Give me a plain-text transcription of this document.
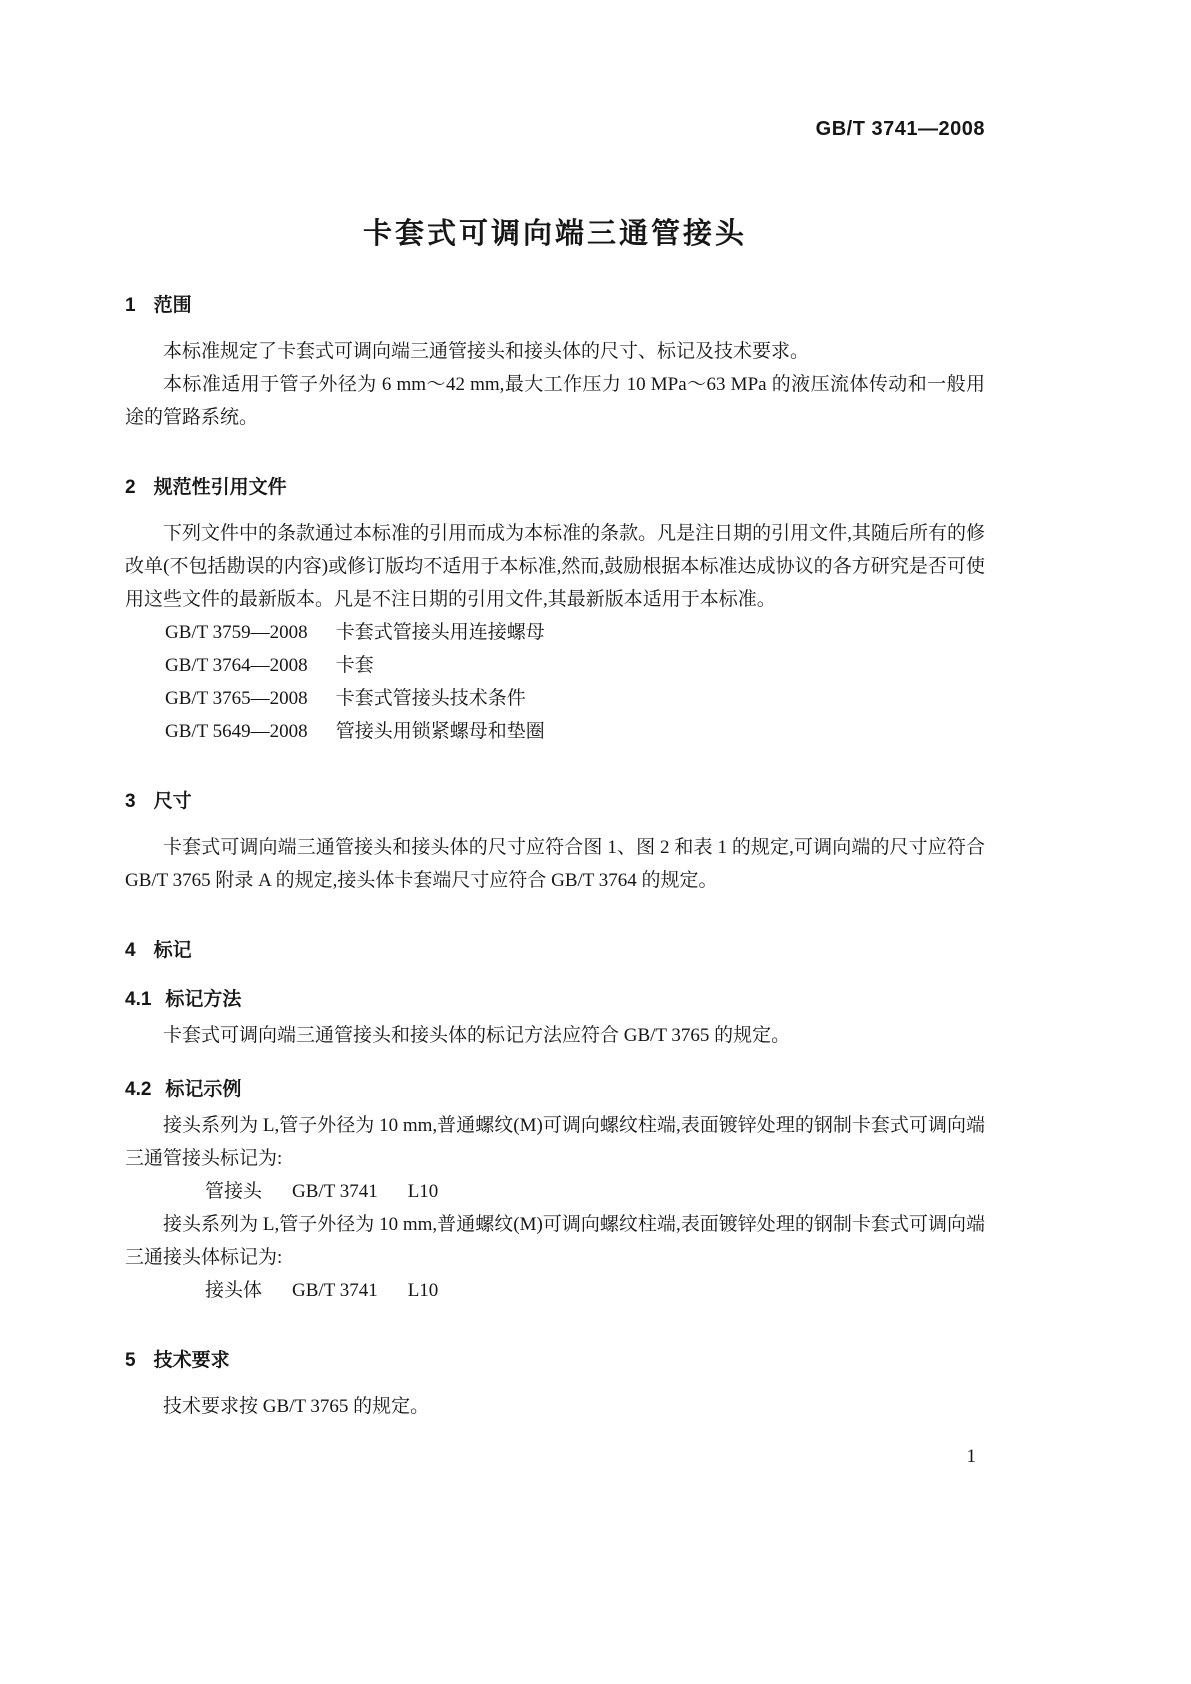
GB/T 3741—2008
卡套式可调向端三通管接头
1 范围

本标准规定了卡套式可调向端三通管接头和接头体的尺寸、标记及技术要求。

本标准适用于管子外径为 6 mm～42 mm,最大工作压力 10 MPa～63 MPa 的液压流体传动和一般用途的管路系统。

2 规范性引用文件

下列文件中的条款通过本标准的引用而成为本标准的条款。凡是注日期的引用文件,其随后所有的修改单(不包括勘误的内容)或修订版均不适用于本标准,然而,鼓励根据本标准达成协议的各方研究是否可使用这些文件的最新版本。凡是不注日期的引用文件,其最新版本适用于本标准。

GB/T 3759—2008 卡套式管接头用连接螺母
GB/T 3764—2008 卡套
GB/T 3765—2008 卡套式管接头技术条件
GB/T 5649—2008 管接头用锁紧螺母和垫圈
3 尺寸

卡套式可调向端三通管接头和接头体的尺寸应符合图 1、图 2 和表 1 的规定,可调向端的尺寸应符合 GB/T 3765 附录 A 的规定,接头体卡套端尺寸应符合 GB/T 3764 的规定。

4 标记
4.1 标记方法

卡套式可调向端三通管接头和接头体的标记方法应符合 GB/T 3765 的规定。

4.2 标记示例

接头系列为 L,管子外径为 10 mm,普通螺纹(M)可调向螺纹柱端,表面镀锌处理的钢制卡套式可调向端三通管接头标记为:

管接头 GB/T 3741 L10

接头系列为 L,管子外径为 10 mm,普通螺纹(M)可调向螺纹柱端,表面镀锌处理的钢制卡套式可调向端三通接头体标记为:

接头体 GB/T 3741 L10
5 技术要求

技术要求按 GB/T 3765 的规定。

1
